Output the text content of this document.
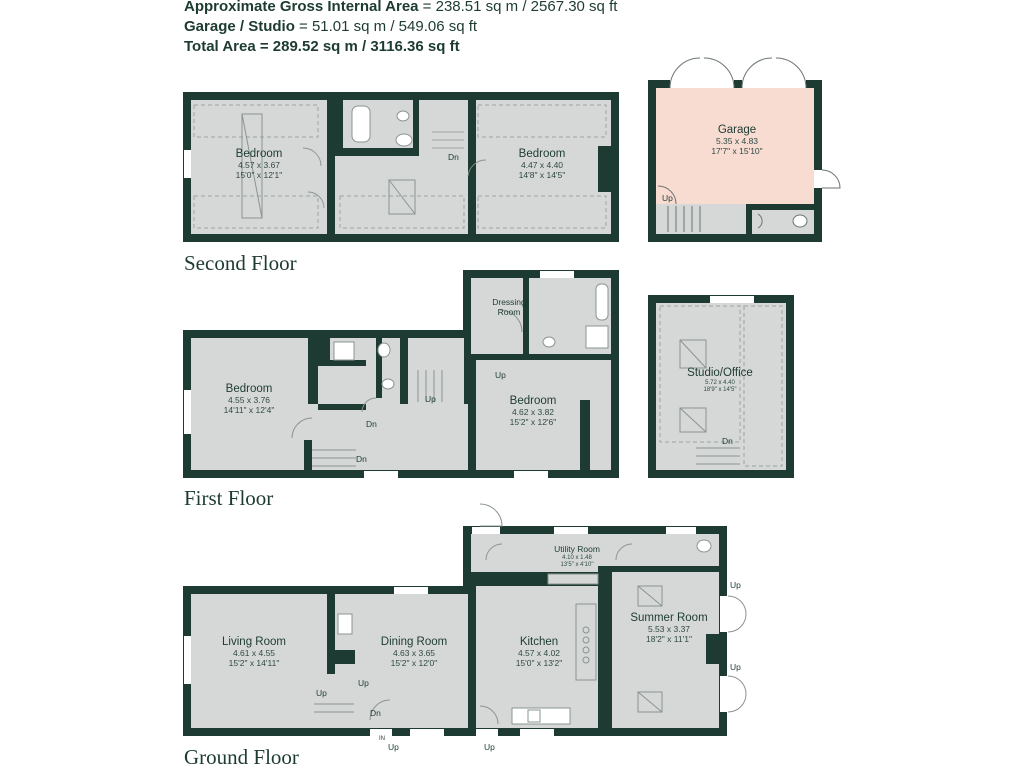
Approximate Gross Internal Area = 238.51 sq m / 2567.30 sq ft
Garage / Studio = 51.01 sq m / 549.06 sq ft
Total Area = 289.52 sq m / 3116.36 sq ft
Second Floor
First Floor
Ground Floor
Bedroom
4.57 x 3.67
15'0" x 12'1"
Bedroom
4.47 x 4.40
14'8" x 14'5"
Garage
5.35 x 4.83
17'7" x 15'10"
Dn
Up
Bedroom
4.55 x 3.76
14'11" x 12'4"
Bedroom
4.62 x 3.82
15'2" x 12'6"
Dressing
Room
Studio/Office
5.72 x 4.40
18'9" x 14'5"
Dn
Dn
Up
Up
Dn
Living Room
4.61 x 4.55
15'2" x 14'11"
Dining Room
4.63 x 3.65
15'2" x 12'0"
Kitchen
4.57 x 4.02
15'0" x 13'2"
Utility Room
4.10 x 1.48
13'5" x 4'10"
Summer Room
5.53 x 3.37
18'2" x 11'1"
Up
Up
Dn
IN
Up	Up
Up
Up
